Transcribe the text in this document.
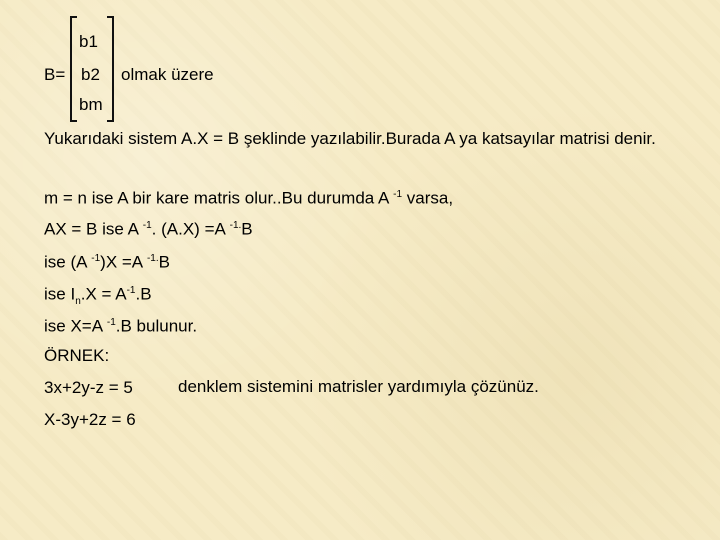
B=
b1
b2
bm
olmak üzere
Yukarıdaki sistem A.X = B şeklinde yazılabilir.Burada A ya katsayılar matrisi denir.
m = n ise A bir kare matris olur..Bu durumda A $^{-1}$ varsa,
AX = B ise A $^{-1}$. (A.X) =A $^{-1.}$B
ise (A $^{-1}$)X =A $^{-1.}$B
ise $I_n.X = A^{-1}.B$
ise X=A $^{-1}$.B bulunur.
ÖRNEK:
3x+2y-z = 5	denklem sistemini matrisler yardımıyla çözünüz.
X-3y+2z = 6
